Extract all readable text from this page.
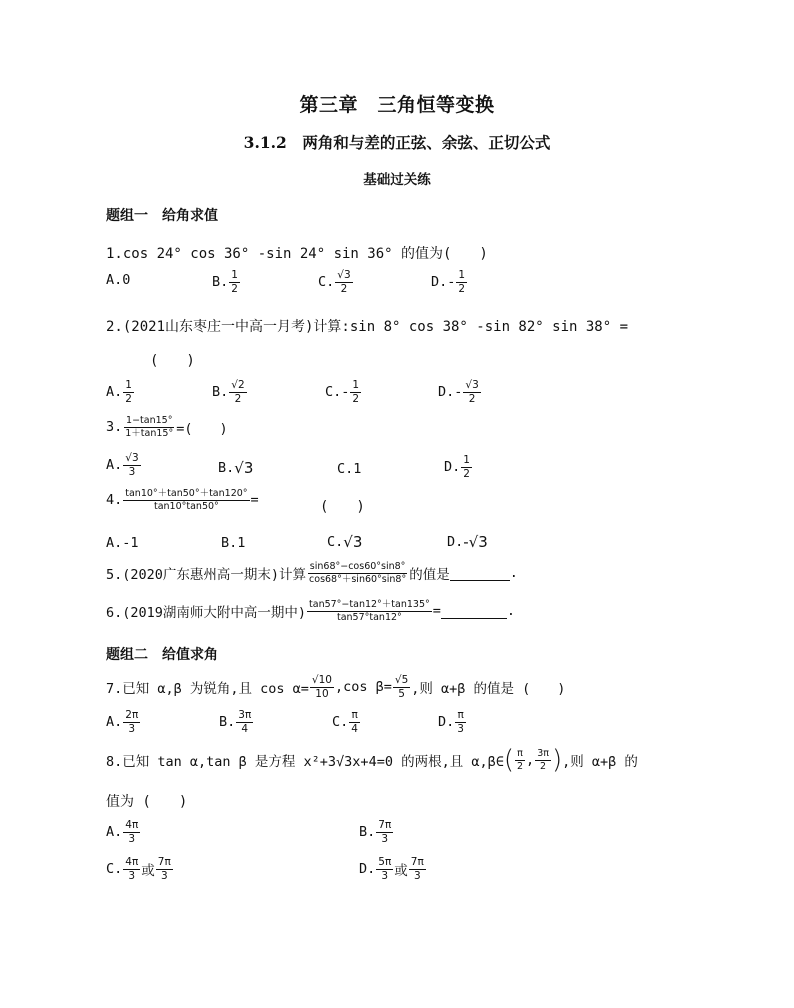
第三章　三角恒等变换
3.1.2　两角和与差的正弦、余弦、正切公式
基础过关练
题组一　给角求值
1.cos 24° cos 36° -sin 24° sin 36° 的值为(　　)
A. 0	B. $\frac{1}{2}$	C. $\frac{√3}{2}$	D. - $\frac{1}{2}$
2.(2021山东枣庄一中高一月考)计算:sin 8° cos 38° -sin 82° sin 38° =
(　　)
A. $\frac{1}{2}$	B. $\frac{√2}{2}$	C. - $\frac{1}{2}$	D. - $\frac{√3}{2}$
3. $\frac{1-\tan 15^\circ}{1+\tan 15^\circ}$ =(　　)
A. $\frac{√3}{3}$	B. √3	C. 1	D. $\frac{1}{2}$
4. $\frac{\tan 10^\circ+\tan 50^\circ+\tan 120^\circ}{\tan 10^\circ\tan 50^\circ}$ =	(　　)
A. -1	B. 1	C. √3	D. -√3
5.(2020广东惠州高一期末)计算 $\frac{\sin 68^\circ-\cos 60^\circ\sin 8^\circ}{\cos 68^\circ+\sin 60^\circ\sin 8^\circ}$ 的值是	.
6.(2019湖南师大附中高一期中) $\frac{\tan 57^\circ-\tan 12^\circ+\tan 135^\circ}{\tan 57^\circ\tan 12^\circ}$ =	.
题组二　给值求角
7.已知 α,β 为锐角,且 $\cos \alpha= \frac{√10}{10} ,\cos$ $\beta= \frac{√5}{5}$ ,则 α+β 的值是 (　　)
A. $\frac{2\pi}{3}$	B. $\frac{3\pi}{4}$	C. $\frac{\pi}{4}$	D. $\frac{\pi}{3}$
8.已知 tan α,tan β 是方程 x²+3√3x+4=0 的两根,且 α,β∈ ( $\frac{\pi}{2}$ , $\frac{3\pi}{2}$ ) ,则 α+β 的
值为 (　　)
A. $\frac{4\pi}{3}$	B. $\frac{7\pi}{3}$
C. $\frac{4\pi}{3}$ 或 $\frac{7\pi}{3}$	D. $\frac{5\pi}{3}$ 或 $\frac{7\pi}{3}$
